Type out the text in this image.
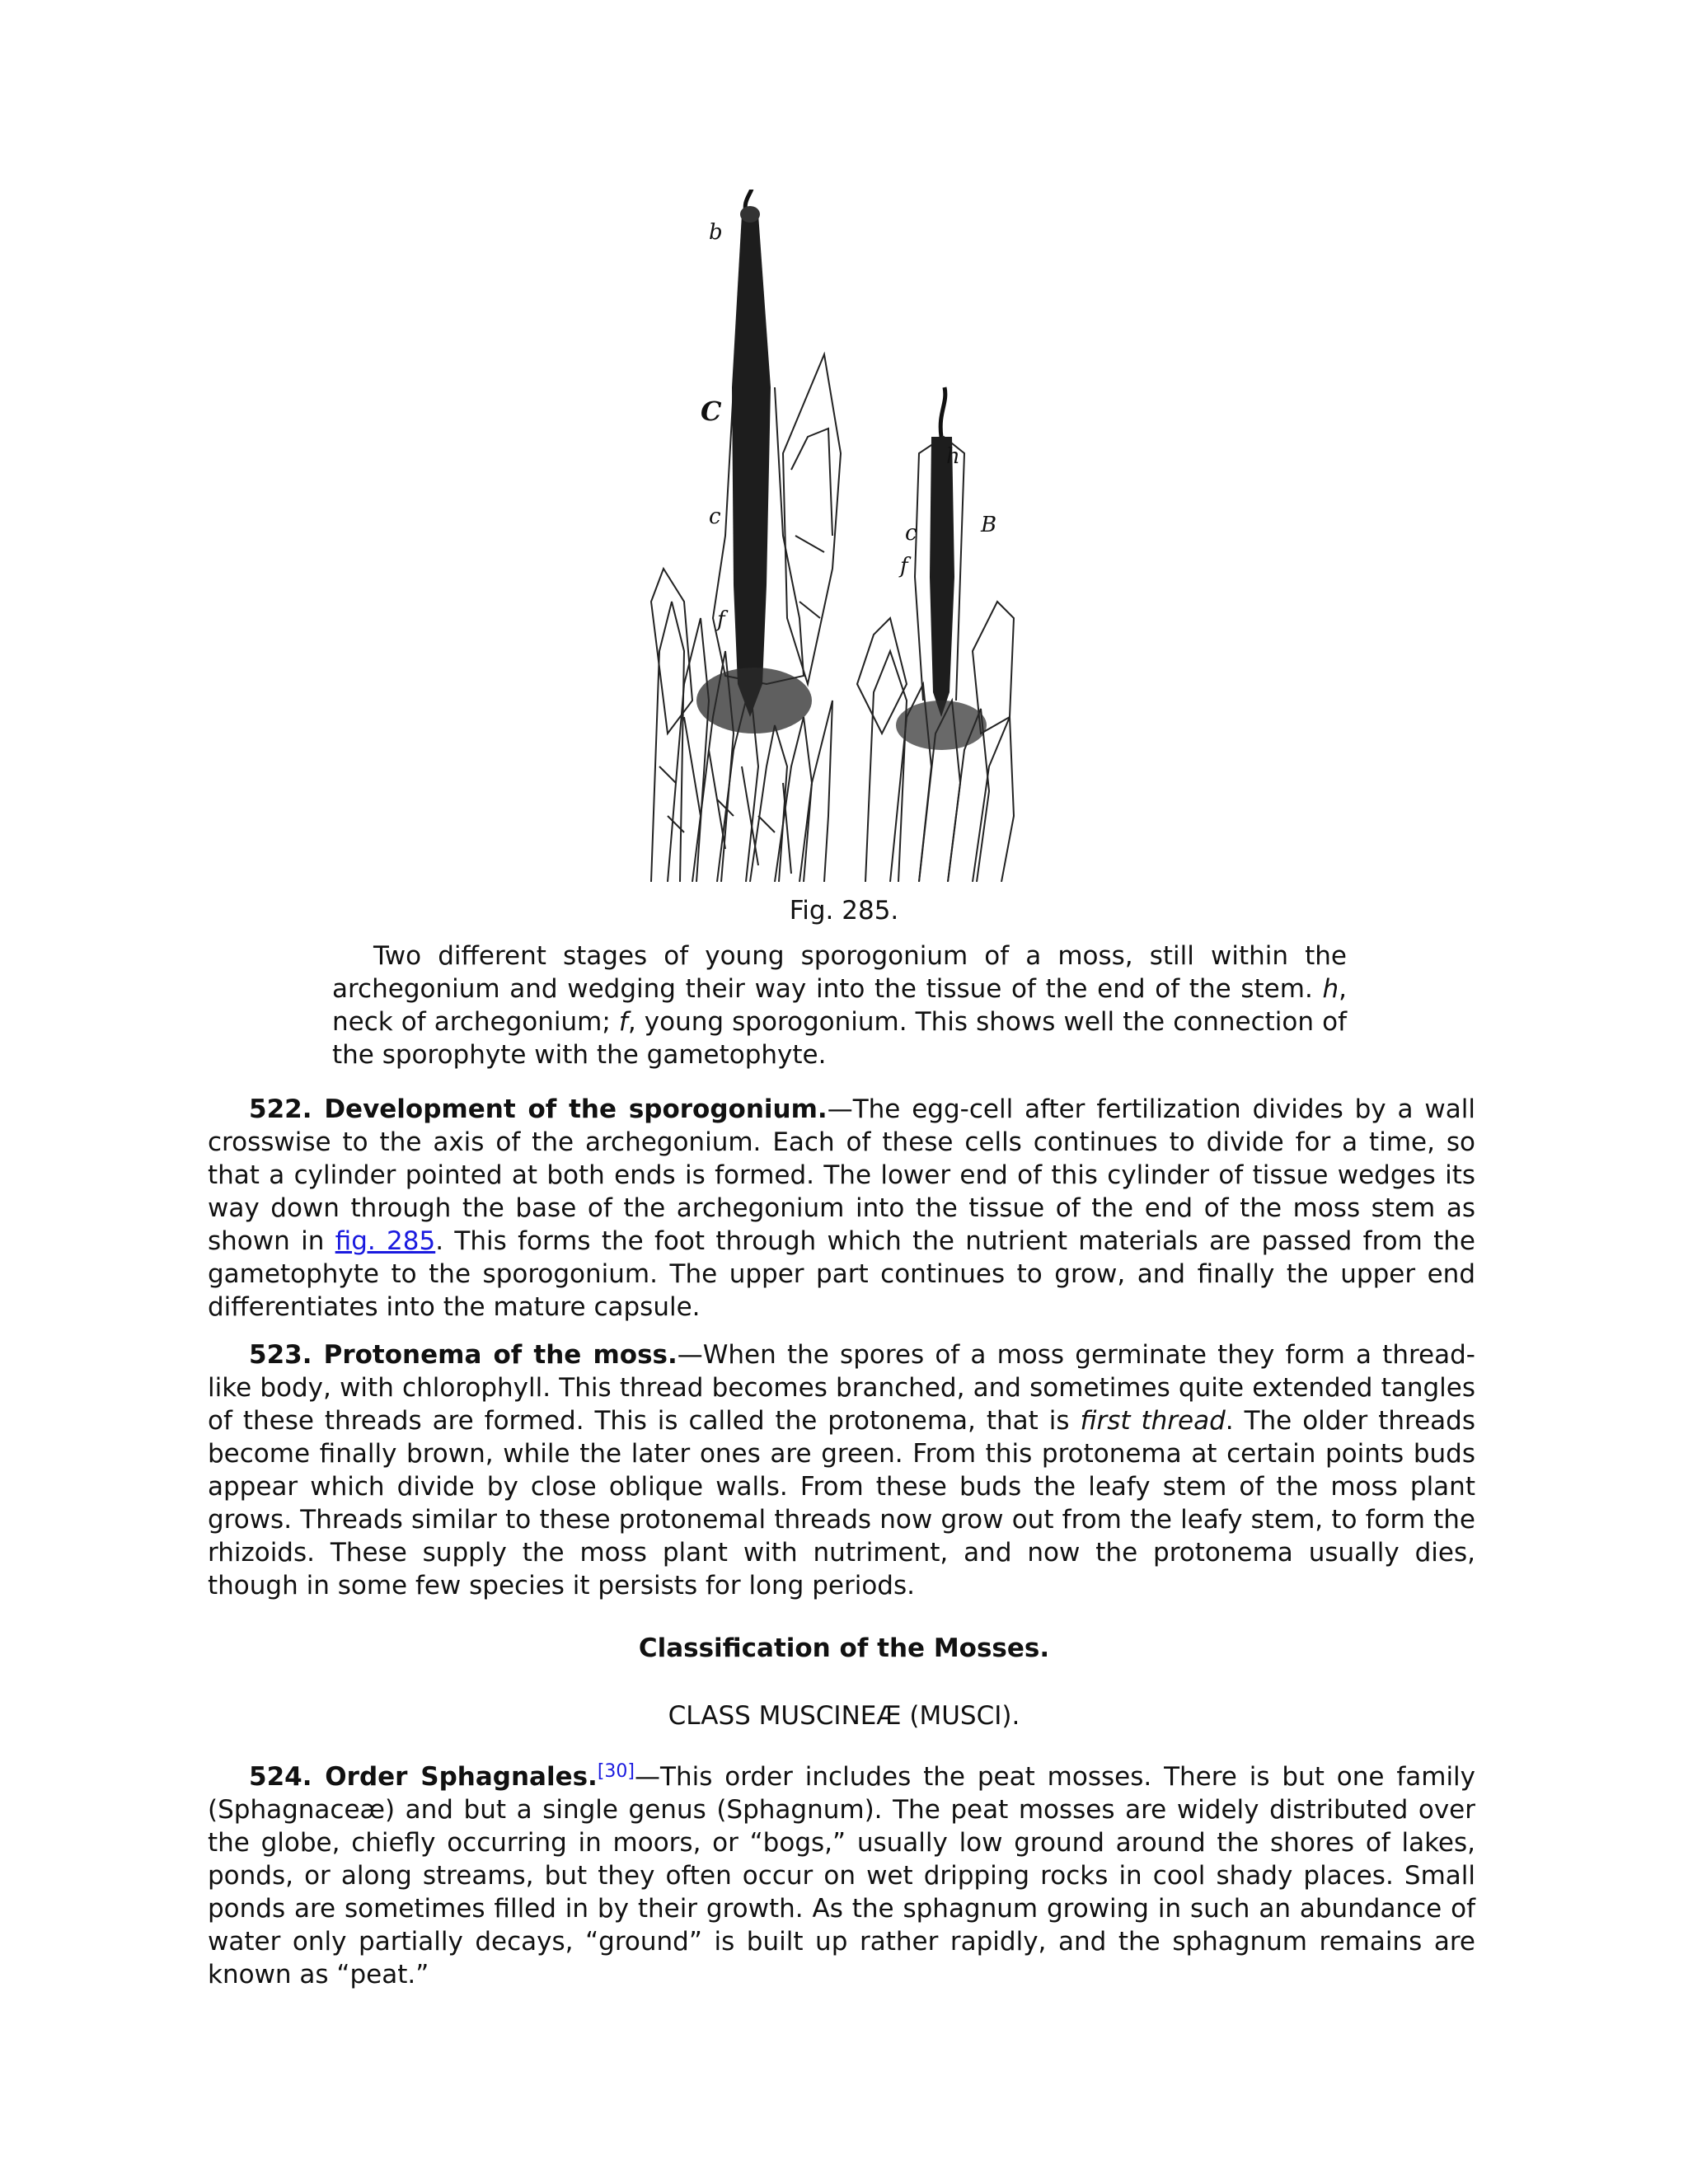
b
C
c
f
h
c
f
B
Fig. 285.

Two different stages of young sporogonium of a moss, still within the archegonium and wedging their way into the tissue of the end of the stem. h, neck of archegonium; f, young sporogonium. This shows well the connection of the sporophyte with the gametophyte.

522. Development of the sporogonium.—The egg-cell after fertilization divides by a wall crosswise to the axis of the archegonium. Each of these cells continues to divide for a time, so that a cylinder pointed at both ends is formed. The lower end of this cylinder of tissue wedges its way down through the base of the archegonium into the tissue of the end of the moss stem as shown in fig. 285. This forms the foot through which the nutrient materials are passed from the gametophyte to the sporogonium. The upper part continues to grow, and finally the upper end differentiates into the mature capsule.

523. Protonema of the moss.—When the spores of a moss germinate they form a thread-like body, with chlorophyll. This thread becomes branched, and sometimes quite extended tangles of these threads are formed. This is called the protonema, that is first thread. The older threads become finally brown, while the later ones are green. From this protonema at certain points buds appear which divide by close oblique walls. From these buds the leafy stem of the moss plant grows. Threads similar to these protonemal threads now grow out from the leafy stem, to form the rhizoids. These supply the moss plant with nutriment, and now the protonema usually dies, though in some few species it persists for long periods.

Classification of the Mosses.
CLASS MUSCINEÆ (MUSCI).

524. Order Sphagnales.[30]—This order includes the peat mosses. There is but one family (Sphagnaceæ) and but a single genus (Sphagnum). The peat mosses are widely distributed over the globe, chiefly occurring in moors, or “bogs,” usually low ground around the shores of lakes, ponds, or along streams, but they often occur on wet dripping rocks in cool shady places. Small ponds are sometimes filled in by their growth. As the sphagnum growing in such an abundance of water only partially decays, “ground” is built up rather rapidly, and the sphagnum remains are known as “peat.”
